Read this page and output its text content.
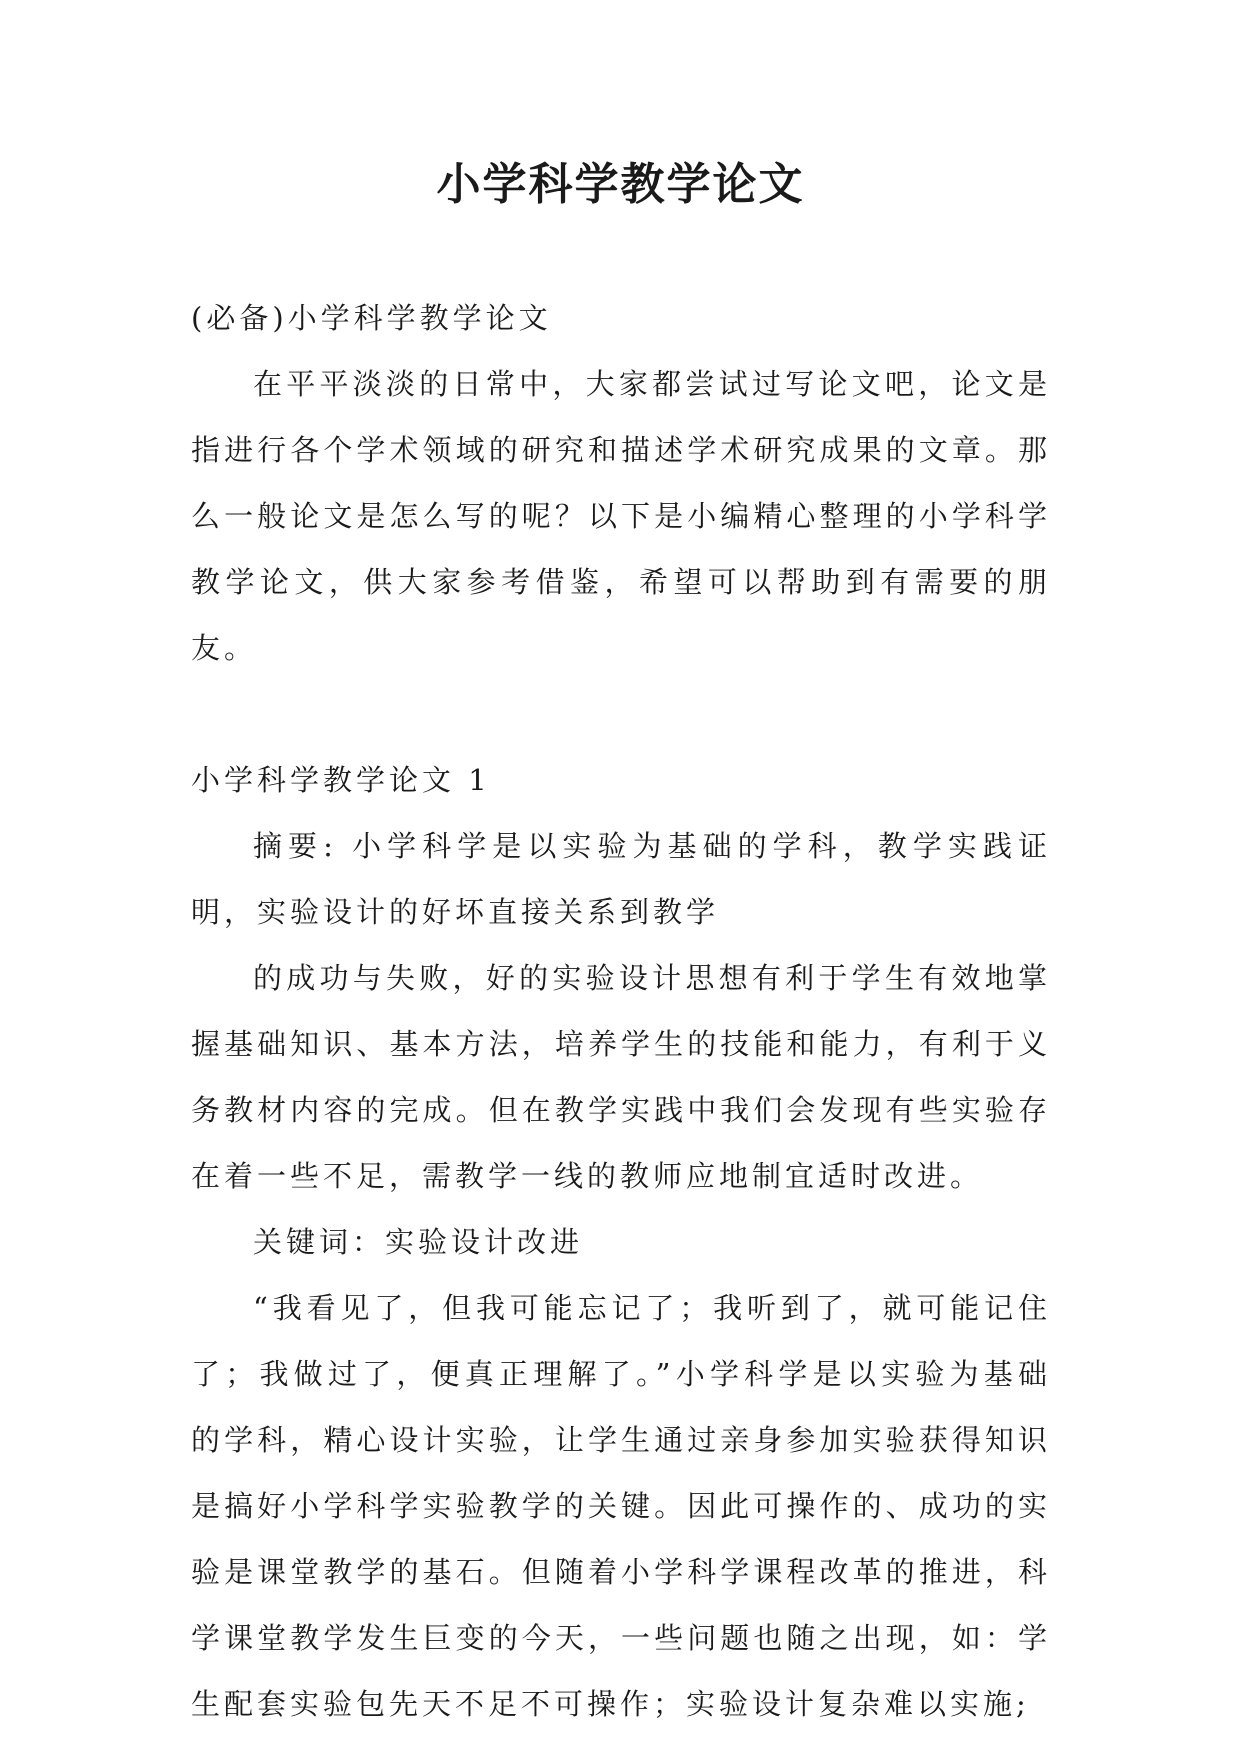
小学科学教学论文

(必备)小学科学教学论文

在平平淡淡的日常中，大家都尝试过写论文吧，论文是指进行各个学术领域的研究和描述学术研究成果的文章。那么一般论文是怎么写的呢？以下是小编精心整理的小学科学教学论文，供大家参考借鉴，希望可以帮助到有需要的朋友。

小学科学教学论文 1

摘要: 小学科学是以实验为基础的学科，教学实践证明，实验设计的好坏直接关系到教学

的成功与失败，好的实验设计思想有利于学生有效地掌握基础知识、基本方法，培养学生的技能和能力，有利于义务教材内容的完成。但在教学实践中我们会发现有些实验存在着一些不足，需教学一线的教师应地制宜适时改进。

关键词：实验设计改进

“我看见了，但我可能忘记了；我听到了，就可能记住了；我做过了，便真正理解了。”小学科学是以实验为基础的学科，精心设计实验，让学生通过亲身参加实验获得知识是搞好小学科学实验教学的关键。因此可操作的、成功的实验是课堂教学的基石。但随着小学科学课程改革的推进，科学课堂教学发生巨变的今天，一些问题也随之出现，如：学生配套实验包先天不足不可操作；实验设计复杂难以实施;
